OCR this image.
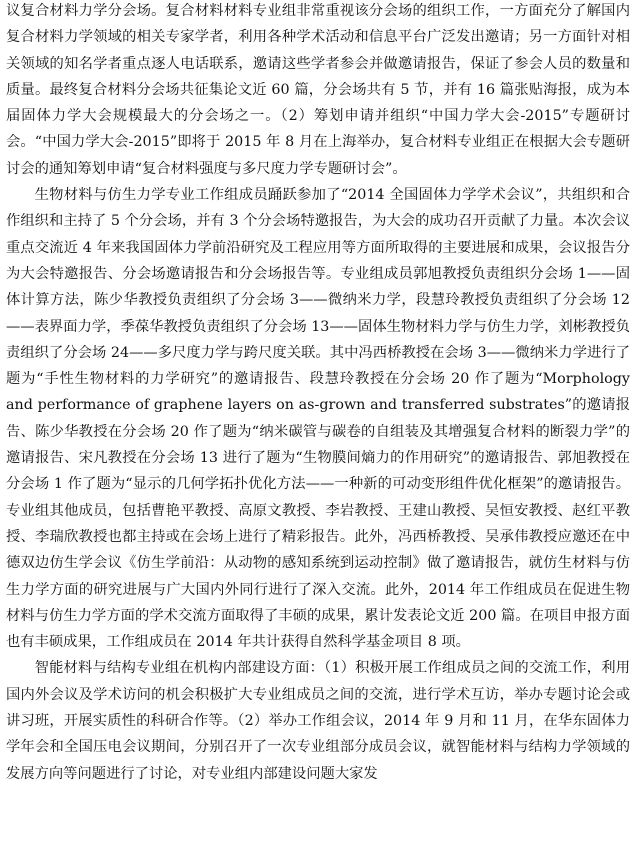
议复合材料力学分会场。复合材料材料专业组非常重视该分会场的组织工作，一方面充分了解国内复合材料力学领域的相关专家学者，利用各种学术活动和信息平台广泛发出邀请；另一方面针对相关领域的知名学者重点逐人电话联系，邀请这些学者参会并做邀请报告，保证了参会人员的数量和质量。最终复合材料分会场共征集论文近 60 篇，分会场共有 5 节，并有 16 篇张贴海报，成为本届固体力学大会规模最大的分会场之一。（2）筹划申请并组织“中国力学大会-2015”专题研讨会。“中国力学大会-2015”即将于 2015 年 8 月在上海举办，复合材料专业组正在根据大会专题研讨会的通知筹划申请“复合材料强度与多尺度力学专题研讨会”。

生物材料与仿生力学专业工作组成员踊跃参加了“2014 全国固体力学学术会议”，共组织和合作组织和主持了 5 个分会场，并有 3 个分会场特邀报告，为大会的成功召开贡献了力量。本次会议重点交流近 4 年来我国固体力学前沿研究及工程应用等方面所取得的主要进展和成果，会议报告分为大会特邀报告、分会场邀请报告和分会场报告等。专业组成员郭旭教授负责组织分会场 1——固体计算方法，陈少华教授负责组织了分会场 3——微纳米力学，段慧玲教授负责组织了分会场 12——表界面力学，季葆华教授负责组织了分会场 13——固体生物材料力学与仿生力学，刘彬教授负责组织了分会场 24——多尺度力学与跨尺度关联。其中冯西桥教授在会场 3——微纳米力学进行了题为“手性生物材料的力学研究”的邀请报告、段慧玲教授在分会场 20 作了题为“Morphology and performance of graphene layers on as-grown and transferred substrates”的邀请报告、陈少华教授在分会场 20 作了题为“纳米碳管与碳卷的自组装及其增强复合材料的断裂力学”的邀请报告、宋凡教授在分会场 13 进行了题为“生物膜间熵力的作用研究”的邀请报告、郭旭教授在分会场 1 作了题为“显示的几何学拓扑优化方法——一种新的可动变形组件优化框架”的邀请报告。专业组其他成员，包括曹艳平教授、高原文教授、李岩教授、王建山教授、吴恒安教授、赵红平教授、李瑞欣教授也都主持或在会场上进行了精彩报告。此外，冯西桥教授、吴承伟教授应邀还在中德双边仿生学会议《仿生学前沿：从动物的感知系统到运动控制》做了邀请报告，就仿生材料与仿生力学方面的研究进展与广大国内外同行进行了深入交流。此外，2014 年工作组成员在促进生物材料与仿生力学方面的学术交流方面取得了丰硕的成果，累计发表论文近 200 篇。在项目申报方面也有丰硕成果，工作组成员在 2014 年共计获得自然科学基金项目 8 项。

智能材料与结构专业组在机构内部建设方面：（1）积极开展工作组成员之间的交流工作，利用国内外会议及学术访问的机会积极扩大专业组成员之间的交流，进行学术互访，举办专题讨论会或讲习班，开展实质性的科研合作等。（2）举办工作组会议，2014 年 9 月和 11 月，在华东固体力学年会和全国压电会议期间，分别召开了一次专业组部分成员会议，就智能材料与结构力学领域的发展方向等问题进行了讨论，对专业组内部建设问题大家发
